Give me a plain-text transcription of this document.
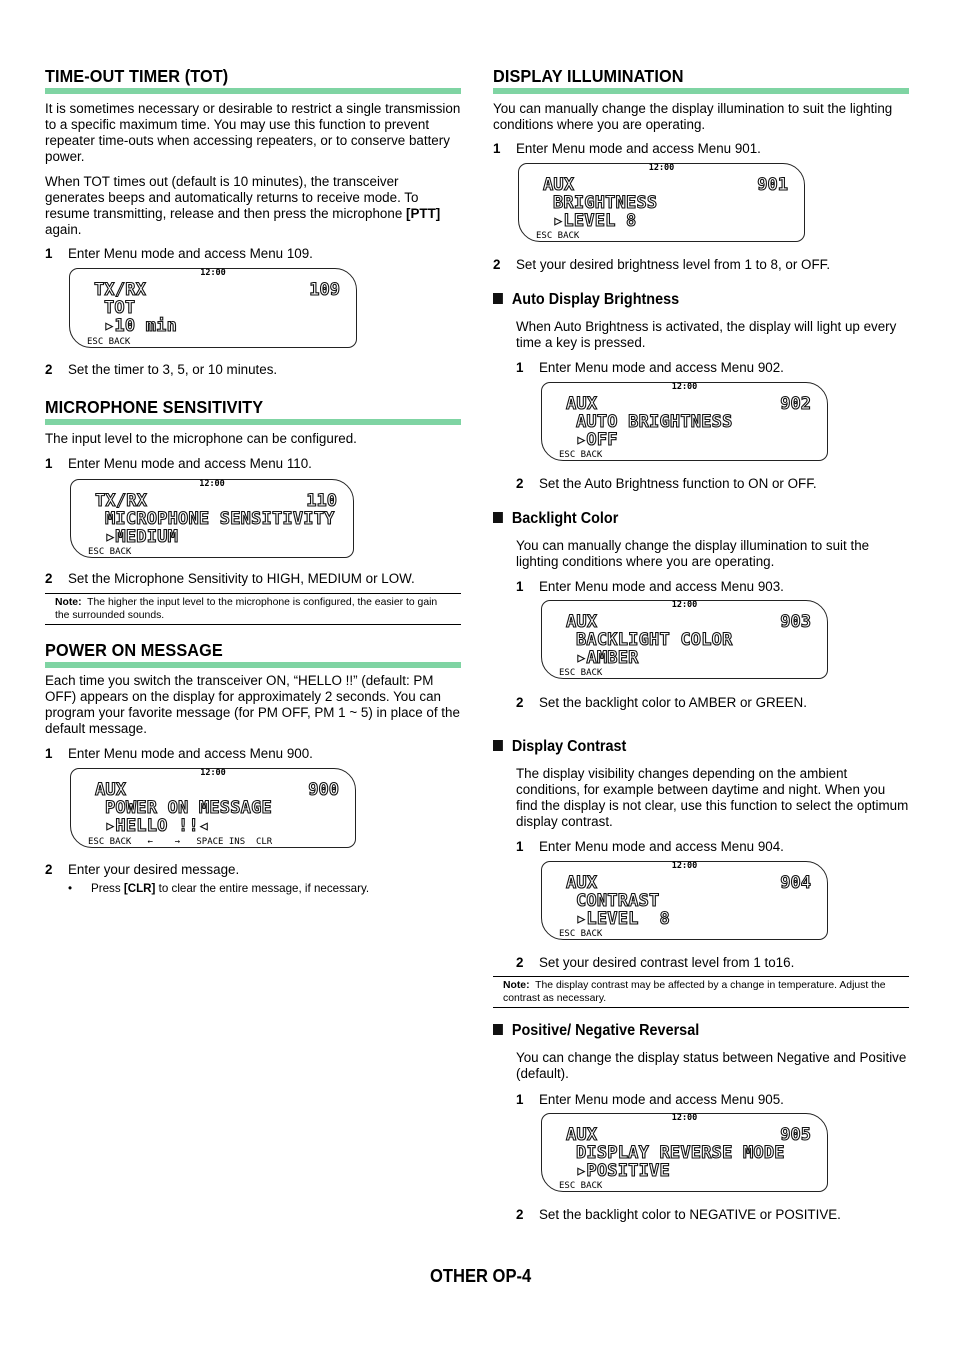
TIME-OUT TIMER (TOT)

It is sometimes necessary or desirable to restrict a single transmission to a specific maximum time. You may use this function to prevent repeater time-outs when accessing repeaters, or to conserve battery power.

When TOT times out (default is 10 minutes), the transceiver generates beeps and automatically returns to receive mode. To resume transmitting, release and then press the microphone [PTT] again.

1 Enter Menu mode and access Menu 109.
12:00
TX/RX	109
TOT
▸10 min
ESC BACK
2 Set the timer to 3, 5, or 10 minutes.
MICROPHONE SENSITIVITY

The input level to the microphone can be configured.

1 Enter Menu mode and access Menu 110.
12:00
TX/RX	110
MICROPHONE SENSITIVITY
▸MEDIUM
ESC BACK
2 Set the Microphone Sensitivity to HIGH, MEDIUM or LOW.
Note: The higher the input level to the microphone is configured, the easier to gain the surrounded sounds.
POWER ON MESSAGE

Each time you switch the transceiver ON, “HELLO !!” (default: PM OFF) appears on the display for approximately 2 seconds. You can program your favorite message (for PM OFF, PM 1 ~ 5) in place of the default message.

1 Enter Menu mode and access Menu 900.
12:00
AUX	900
POWER ON MESSAGE
▸HELLO !!◂
ESC BACK   ←    →   SPACE INS  CLR
2 Enter your desired message.
• Press [CLR] to clear the entire message, if necessary.
DISPLAY ILLUMINATION

You can manually change the display illumination to suit the lighting conditions where you are operating.

1 Enter Menu mode and access Menu 901.
12:00
AUX	901
BRIGHTNESS
▸LEVEL 8
ESC BACK
2 Set your desired brightness level from 1 to 8, or OFF.
Auto Display Brightness

When Auto Brightness is activated, the display will light up every time a key is pressed.

1 Enter Menu mode and access Menu 902.
12:00
AUX	902
AUTO BRIGHTNESS
▸OFF
ESC BACK
2 Set the Auto Brightness function to ON or OFF.
Backlight Color

You can manually change the display illumination to suit the lighting conditions where you are operating.

1 Enter Menu mode and access Menu 903.
12:00
AUX	903
BACKLIGHT COLOR
▸AMBER
ESC BACK
2 Set the backlight color to AMBER or GREEN.
Display Contrast

The display visibility changes depending on the ambient conditions, for example between daytime and night. When you find the display is not clear, use this function to select the optimum display contrast.

1 Enter Menu mode and access Menu 904.
12:00
AUX	904
CONTRAST
▸LEVEL  8
ESC BACK
2 Set your desired contrast level from 1 to16.
Note: The display contrast may be affected by a change in temperature. Adjust the contrast as necessary.
Positive/ Negative Reversal

You can change the display status between Negative and Positive (default).

1 Enter Menu mode and access Menu 905.
12:00
AUX	905
DISPLAY REVERSE MODE
▸POSITIVE
ESC BACK
2 Set the backlight color to NEGATIVE or POSITIVE.
OTHER OP-4
